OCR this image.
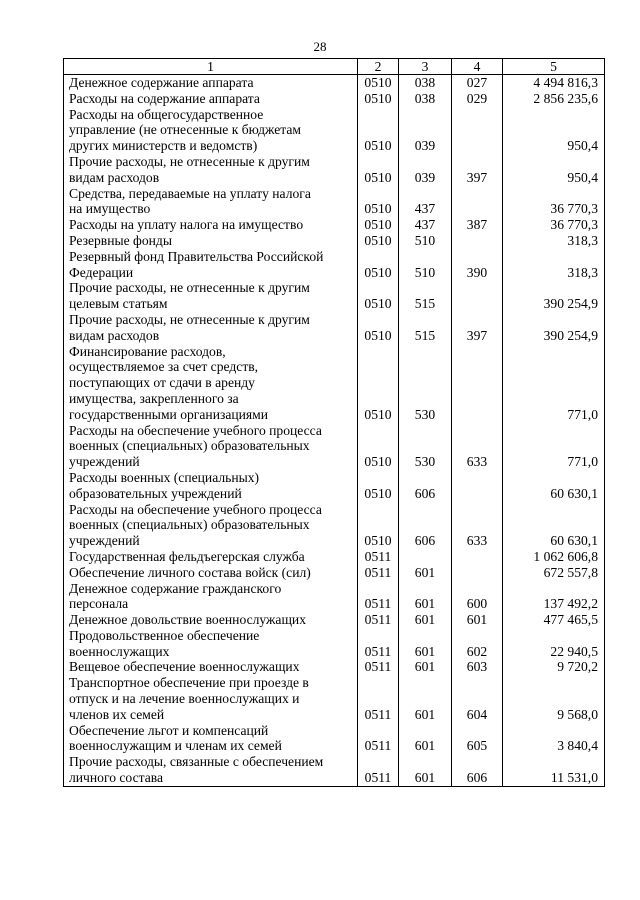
28
1	2	3	4	5
Денежное содержание аппарата	0510	038	027	4 494 816,3
Расходы на содержание аппарата	0510	038	029	2 856 235,6
Расходы на общегосударственное
управление (не отнесенные к бюджетам
других министерств и ведомств)	0510	039		950,4
Прочие расходы, не отнесенные к другим
видам расходов	0510	039	397	950,4
Средства, передаваемые на уплату налога
на имущество	0510	437		36 770,3
Расходы на уплату налога на имущество	0510	437	387	36 770,3
Резервные фонды	0510	510		318,3
Резервный фонд Правительства Российской
Федерации	0510	510	390	318,3
Прочие расходы, не отнесенные к другим
целевым статьям	0510	515		390 254,9
Прочие расходы, не отнесенные к другим
видам расходов	0510	515	397	390 254,9
Финансирование расходов,
осуществляемое за счет средств,
поступающих от сдачи в аренду
имущества, закрепленного за
государственными организациями	0510	530		771,0
Расходы на обеспечение учебного процесса
военных (специальных) образовательных
учреждений	0510	530	633	771,0
Расходы военных (специальных)
образовательных учреждений	0510	606		60 630,1
Расходы на обеспечение учебного процесса
военных (специальных) образовательных
учреждений	0510	606	633	60 630,1
Государственная фельдъегерская служба	0511			1 062 606,8
Обеспечение личного состава войск (сил)	0511	601		672 557,8
Денежное содержание гражданского
персонала	0511	601	600	137 492,2
Денежное довольствие военнослужащих	0511	601	601	477 465,5
Продовольственное обеспечение
военнослужащих	0511	601	602	22 940,5
Вещевое обеспечение военнослужащих	0511	601	603	9 720,2
Транспортное обеспечение при проезде в
отпуск и на лечение военнослужащих и
членов их семей	0511	601	604	9 568,0
Обеспечение льгот и компенсаций
военнослужащим и членам их семей	0511	601	605	3 840,4
Прочие расходы, связанные с обеспечением
личного состава	0511	601	606	11 531,0
